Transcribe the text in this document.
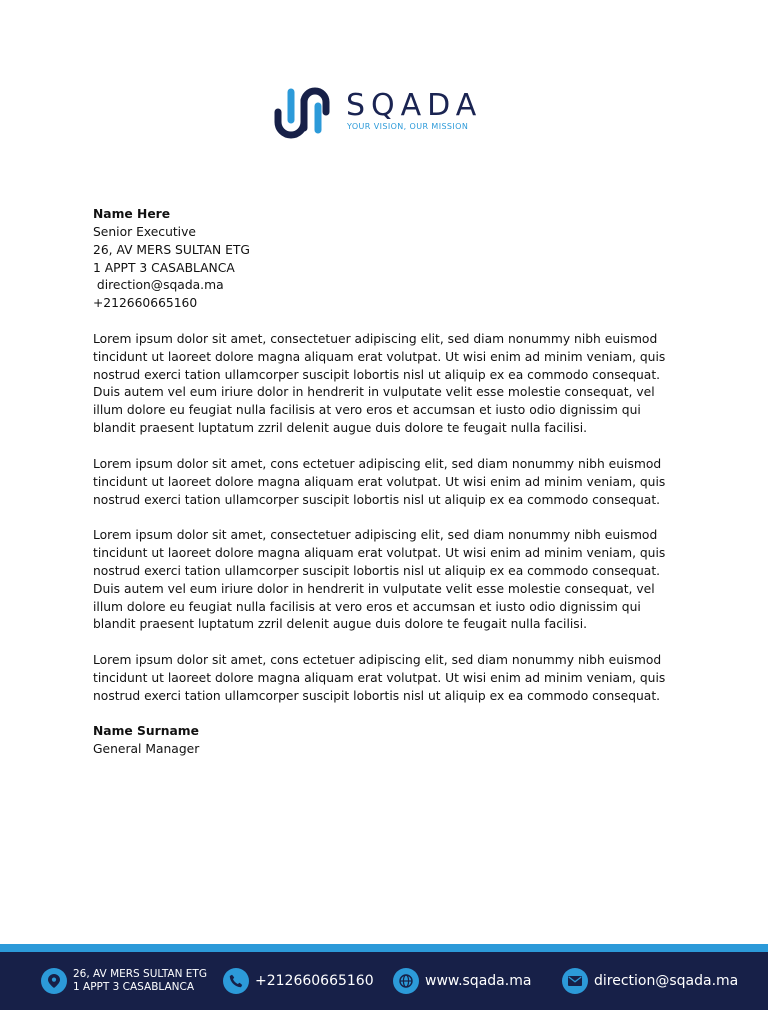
SQADA
YOUR VISION, OUR MISSION
Name Here
Senior Executive
26, AV MERS SULTAN ETG
1 APPT 3 CASABLANCA
direction@sqada.ma
+212660665160

Lorem ipsum dolor sit amet, consectetuer adipiscing elit, sed diam nonummy nibh euismod tincidunt ut laoreet dolore magna aliquam erat volutpat. Ut wisi enim ad minim veniam, quis nostrud exerci tation ullamcorper suscipit lobortis nisl ut aliquip ex ea commodo consequat. Duis autem vel eum iriure dolor in hendrerit in vulputate velit esse molestie consequat, vel illum dolore eu feugiat nulla facilisis at vero eros et accumsan et iusto odio dignissim qui blandit praesent luptatum zzril delenit augue duis dolore te feugait nulla facilisi.

Lorem ipsum dolor sit amet, cons ectetuer adipiscing elit, sed diam nonummy nibh euismod tincidunt ut laoreet dolore magna aliquam erat volutpat. Ut wisi enim ad minim veniam, quis nostrud exerci tation ullamcorper suscipit lobortis nisl ut aliquip ex ea commodo consequat.

Lorem ipsum dolor sit amet, consectetuer adipiscing elit, sed diam nonummy nibh euismod tincidunt ut laoreet dolore magna aliquam erat volutpat. Ut wisi enim ad minim veniam, quis nostrud exerci tation ullamcorper suscipit lobortis nisl ut aliquip ex ea commodo consequat. Duis autem vel eum iriure dolor in hendrerit in vulputate velit esse molestie consequat, vel illum dolore eu feugiat nulla facilisis at vero eros et accumsan et iusto odio dignissim qui blandit praesent luptatum zzril delenit augue duis dolore te feugait nulla facilisi.

Lorem ipsum dolor sit amet, cons ectetuer adipiscing elit, sed diam nonummy nibh euismod tincidunt ut laoreet dolore magna aliquam erat volutpat. Ut wisi enim ad minim veniam, quis nostrud exerci tation ullamcorper suscipit lobortis nisl ut aliquip ex ea commodo consequat.

Name Surname
General Manager
26, AV MERS SULTAN ETG
1 APPT 3 CASABLANCA	+212660665160	www.sqada.ma	direction@sqada.ma
